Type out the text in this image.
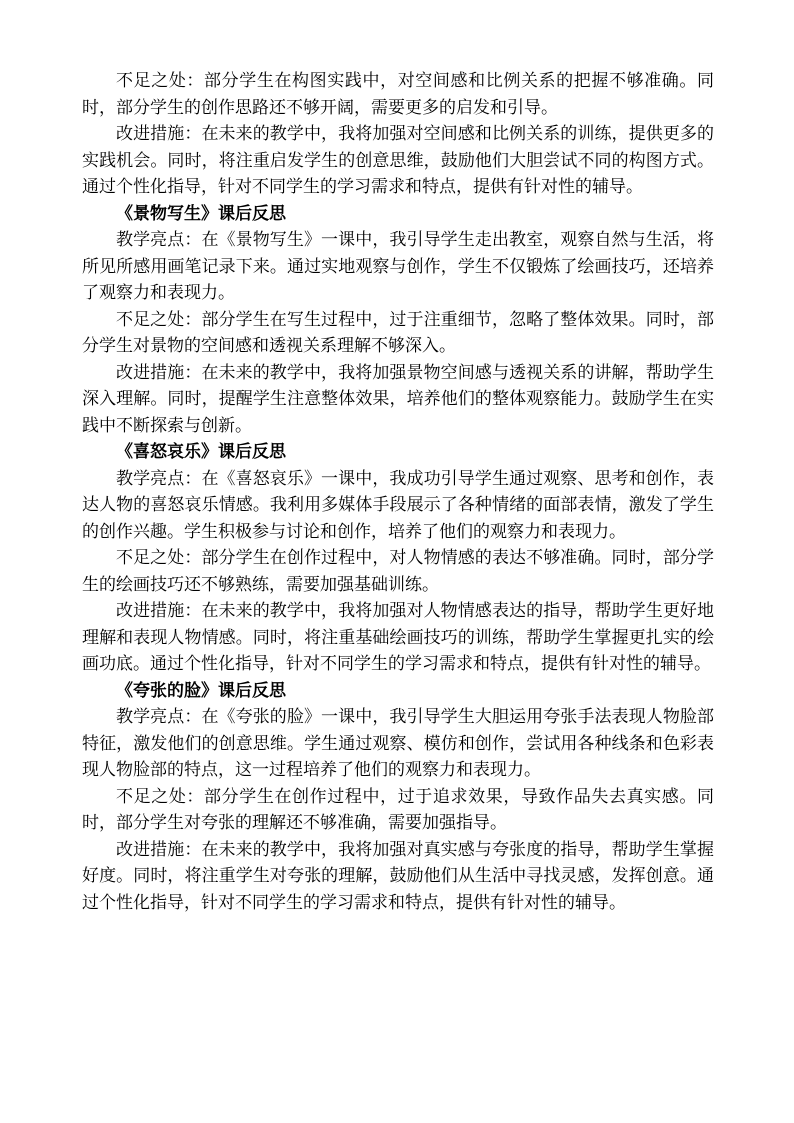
不足之处：部分学生在构图实践中，对空间感和比例关系的把握不够准确。同时，部分学生的创作思路还不够开阔，需要更多的启发和引导。

改进措施：在未来的教学中，我将加强对空间感和比例关系的训练，提供更多的实践机会。同时，将注重启发学生的创意思维，鼓励他们大胆尝试不同的构图方式。通过个性化指导，针对不同学生的学习需求和特点，提供有针对性的辅导。

《景物写生》课后反思

教学亮点：在《景物写生》一课中，我引导学生走出教室，观察自然与生活，将所见所感用画笔记录下来。通过实地观察与创作，学生不仅锻炼了绘画技巧，还培养了观察力和表现力。

不足之处：部分学生在写生过程中，过于注重细节，忽略了整体效果。同时，部分学生对景物的空间感和透视关系理解不够深入。

改进措施：在未来的教学中，我将加强景物空间感与透视关系的讲解，帮助学生深入理解。同时，提醒学生注意整体效果，培养他们的整体观察能力。鼓励学生在实践中不断探索与创新。

《喜怒哀乐》课后反思

教学亮点：在《喜怒哀乐》一课中，我成功引导学生通过观察、思考和创作，表达人物的喜怒哀乐情感。我利用多媒体手段展示了各种情绪的面部表情，激发了学生的创作兴趣。学生积极参与讨论和创作，培养了他们的观察力和表现力。

不足之处：部分学生在创作过程中，对人物情感的表达不够准确。同时，部分学生的绘画技巧还不够熟练，需要加强基础训练。

改进措施：在未来的教学中，我将加强对人物情感表达的指导，帮助学生更好地理解和表现人物情感。同时，将注重基础绘画技巧的训练，帮助学生掌握更扎实的绘画功底。通过个性化指导，针对不同学生的学习需求和特点，提供有针对性的辅导。

《夸张的脸》课后反思

教学亮点：在《夸张的脸》一课中，我引导学生大胆运用夸张手法表现人物脸部特征，激发他们的创意思维。学生通过观察、模仿和创作，尝试用各种线条和色彩表现人物脸部的特点，这一过程培养了他们的观察力和表现力。

不足之处：部分学生在创作过程中，过于追求效果，导致作品失去真实感。同时，部分学生对夸张的理解还不够准确，需要加强指导。

改进措施：在未来的教学中，我将加强对真实感与夸张度的指导，帮助学生掌握好度。同时，将注重学生对夸张的理解，鼓励他们从生活中寻找灵感，发挥创意。通过个性化指导，针对不同学生的学习需求和特点，提供有针对性的辅导。
